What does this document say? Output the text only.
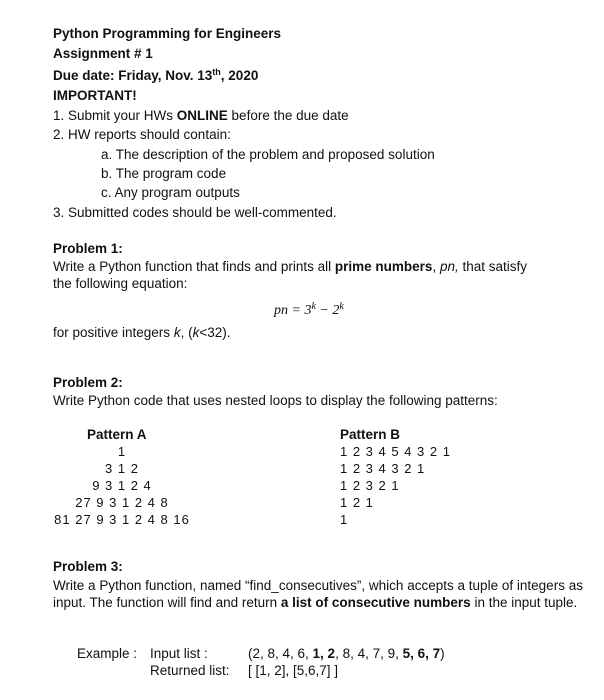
Python Programming for Engineers
Assignment # 1
Due date: Friday, Nov. 13th, 2020
IMPORTANT!
1. Submit your HWs ONLINE before the due date
2. HW reports should contain:
a. The description of the problem and proposed solution
b. The program code
c. Any program outputs
3. Submitted codes should be well-commented.
Problem 1:
Write a Python function that finds and prints all prime numbers, pn, that satisfy
the following equation:
pn = $3^k - 2^k$
for positive integers k, (k<32).
Problem 2:
Write Python code that uses nested loops to display the following patterns:
Pattern A
1
3 1 2
9 3 1 2 4
27 9 3 1 2 4 8
81 27 9 3 1 2 4 8 16
Pattern B
1 2 3 4 5 4 3 2 1
1 2 3 4 3 2 1
1 2 3 2 1
1 2 1
1
Problem 3:
Write a Python function, named “find_consecutives”, which accepts a tuple of integers as input. The function will find and return a list of consecutive numbers in the input tuple.
Example : Input list :	(2, 8, 4, 6, 1, 2, 8, 4, 7, 9, 5, 6, 7)
Returned list: [ [1, 2], [5,6,7] ]
